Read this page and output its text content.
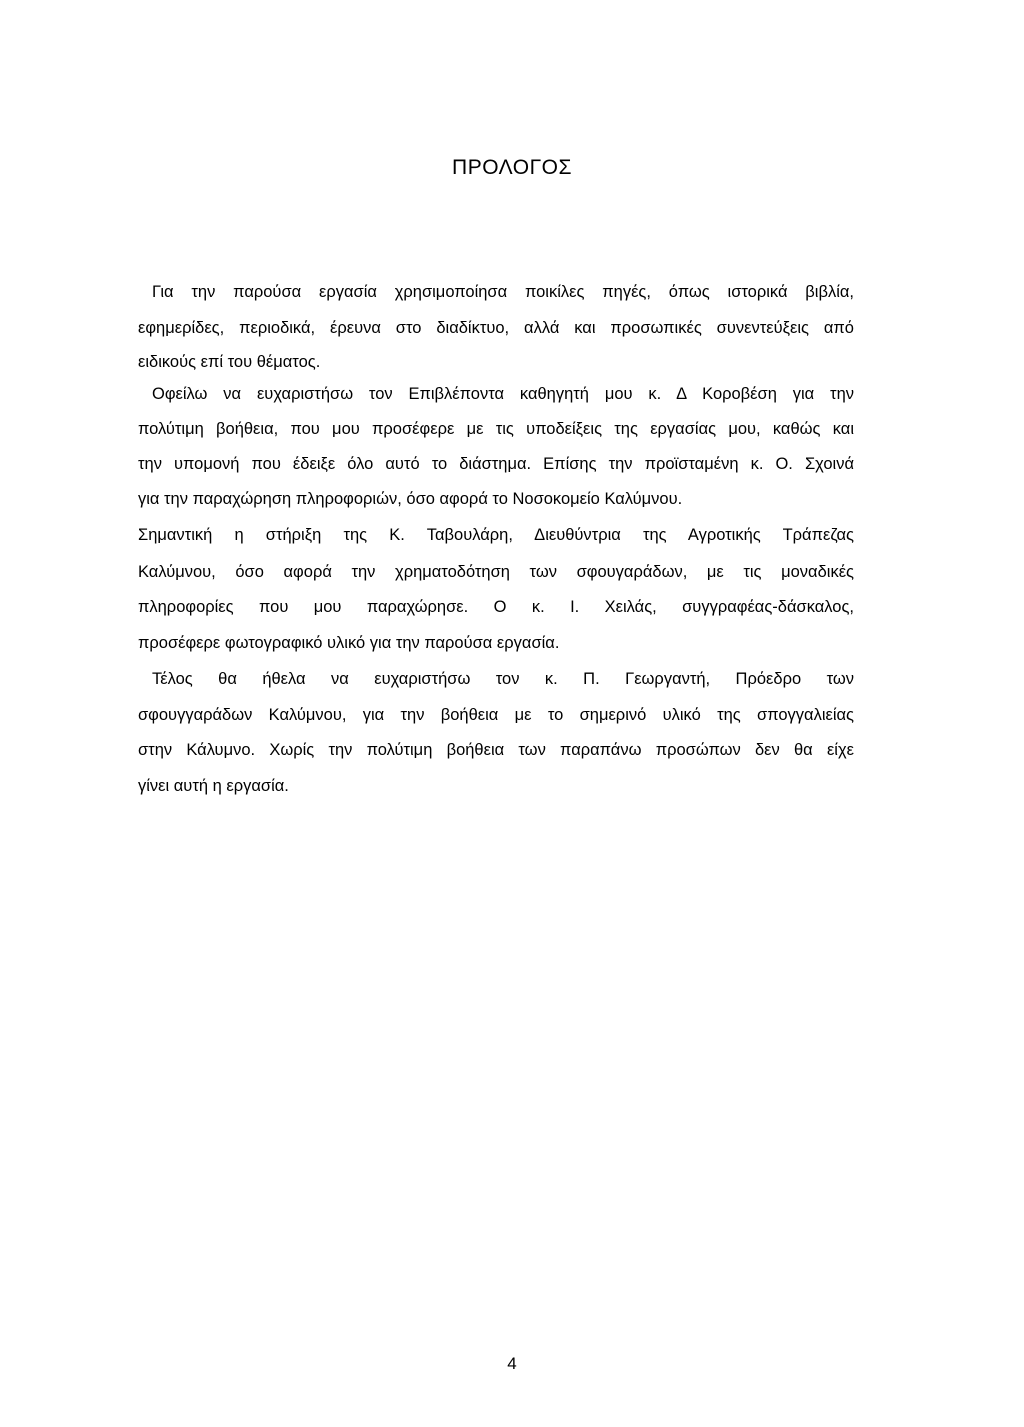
ΠΡΟΛΟΓΟΣ

Για την παρούσα εργασία χρησιμοποίησα ποικίλες πηγές, όπως ιστορικά βιβλία,

εφημερίδες, περιοδικά, έρευνα στο διαδίκτυο, αλλά και προσωπικές συνεντεύξεις από

ειδικούς επί του θέματος.

Οφείλω να ευχαριστήσω τον Επιβλέποντα καθηγητή μου κ. Δ Κοροβέση για την

πολύτιμη βοήθεια, που μου προσέφερε με τις υποδείξεις της εργασίας μου, καθώς και

την υπομονή που έδειξε όλο αυτό το διάστημα. Επίσης την προϊσταμένη κ. Ο. Σχοινά

για την παραχώρηση πληροφοριών, όσο αφορά το Νοσοκομείο Καλύμνου.

Σημαντική η στήριξη της Κ. Ταβουλάρη, Διευθύντρια της Αγροτικής Τράπεζας

Καλύμνου, όσο αφορά την χρηματοδότηση των σφουγαράδων, με τις μοναδικές

πληροφορίες που μου παραχώρησε. Ο κ. Ι. Χειλάς, συγγραφέας-δάσκαλος,

προσέφερε φωτογραφικό υλικό για την παρούσα εργασία.

Τέλος θα ήθελα να ευχαριστήσω τον κ. Π. Γεωργαντή, Πρόεδρο των

σφουγγαράδων Καλύμνου, για την βοήθεια με το σημερινό υλικό της σπογγαλιείας

στην Κάλυμνο. Χωρίς την πολύτιμη βοήθεια των παραπάνω προσώπων δεν θα είχε

γίνει αυτή η εργασία.

4
